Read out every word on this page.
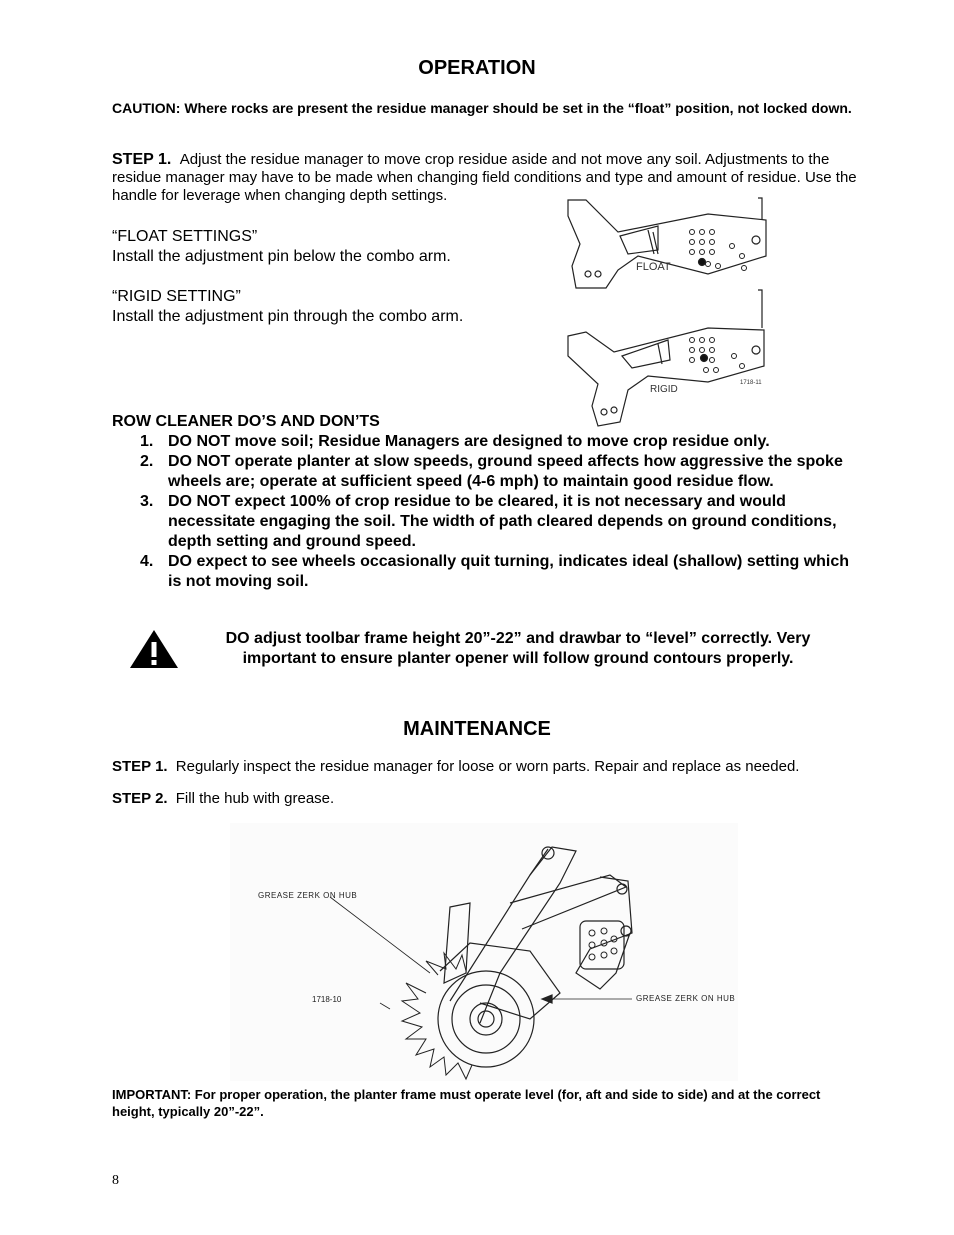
OPERATION
CAUTION: Where rocks are present the residue manager should be set in the “float” position, not locked down.
STEP 1. Adjust the residue manager to move crop residue aside and not move any soil. Adjustments to the residue manager may have to be made when changing field conditions and type and amount of residue. Use the handle for leverage when changing depth settings.
“FLOAT SETTINGS”
Install the adjustment pin below the combo arm.
“RIGID SETTING”
Install the adjustment pin through the combo arm.
FLOAT
RIGID
1718-11
ROW CLEANER DO’S AND DON’TS
1. DO NOT move soil; Residue Managers are designed to move crop residue only.
2. DO NOT operate planter at slow speeds, ground speed affects how aggressive the spoke wheels are; operate at sufficient speed (4-6 mph) to maintain good residue flow.
3. DO NOT expect 100% of crop residue to be cleared, it is not necessary and would necessitate engaging the soil. The width of path cleared depends on ground conditions, depth setting and ground speed.
4. DO expect to see wheels occasionally quit turning, indicates ideal (shallow) setting which is not moving soil.
DO adjust toolbar frame height 20”-22” and drawbar to “level” correctly. Very important to ensure planter opener will follow ground contours properly.
MAINTENANCE
STEP 1. Regularly inspect the residue manager for loose or worn parts. Repair and replace as needed.
STEP 2. Fill the hub with grease.
GREASE ZERK ON HUB
GREASE ZERK ON HUB
1718-10
IMPORTANT: For proper operation, the planter frame must operate level (for, aft and side to side) and at the correct height, typically 20”-22”.
8
